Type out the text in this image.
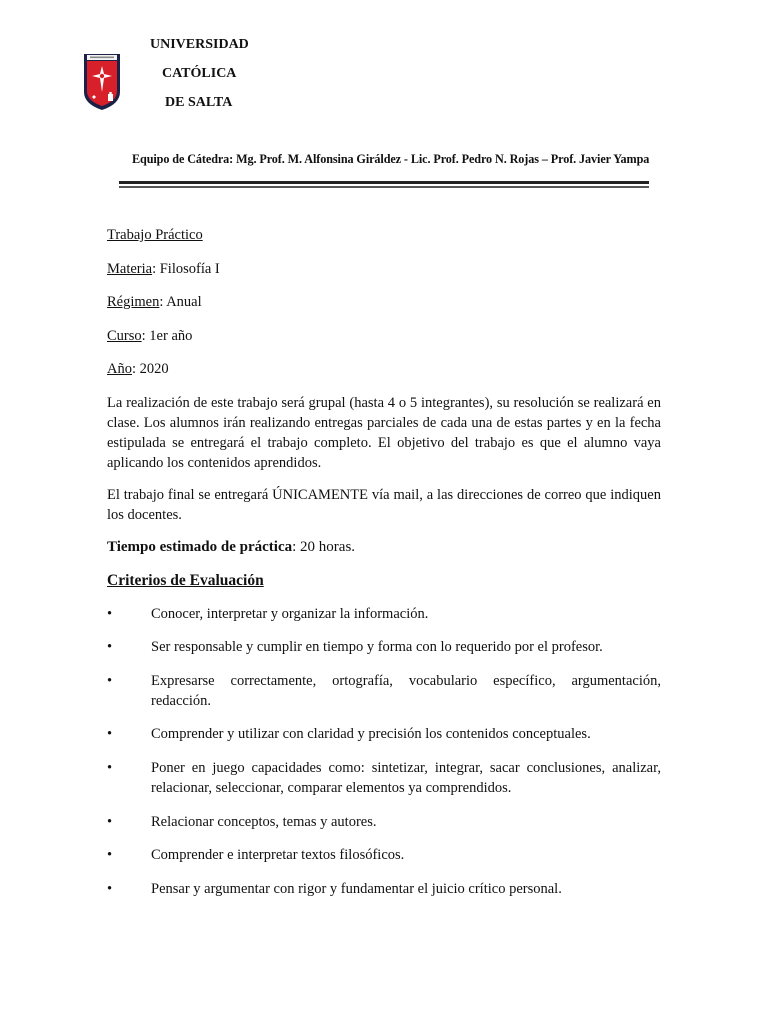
UNIVERSIDAD
CATÓLICA
DE SALTA
Equipo de Cátedra: Mg. Prof. M. Alfonsina Giráldez - Lic. Prof. Pedro N. Rojas – Prof. Javier Yampa

Trabajo Práctico

Materia: Filosofía I

Régimen: Anual

Curso: 1er año

Año: 2020

La realización de este trabajo será grupal (hasta 4 o 5 integrantes), su resolución se realizará en clase. Los alumnos irán realizando entregas parciales de cada una de estas partes y en la fecha estipulada se entregará el trabajo completo. El objetivo del trabajo es que el alumno vaya aplicando los contenidos aprendidos.

El trabajo final se entregará ÚNICAMENTE vía mail, a las direcciones de correo que indiquen los docentes.

Tiempo estimado de práctica: 20 horas.

Criterios de Evaluación

•	Conocer, interpretar y organizar la información.
•	Ser responsable y cumplir en tiempo y forma con lo requerido por el profesor.
•	Expresarse correctamente, ortografía, vocabulario específico, argumentación, redacción.
•	Comprender y utilizar con claridad y precisión los contenidos conceptuales.
•	Poner en juego capacidades como: sintetizar, integrar, sacar conclusiones, analizar, relacionar, seleccionar, comparar elementos ya comprendidos.
•	Relacionar conceptos, temas y autores.
•	Comprender e interpretar textos filosóficos.
•	Pensar y argumentar con rigor y fundamentar el juicio crítico personal.
